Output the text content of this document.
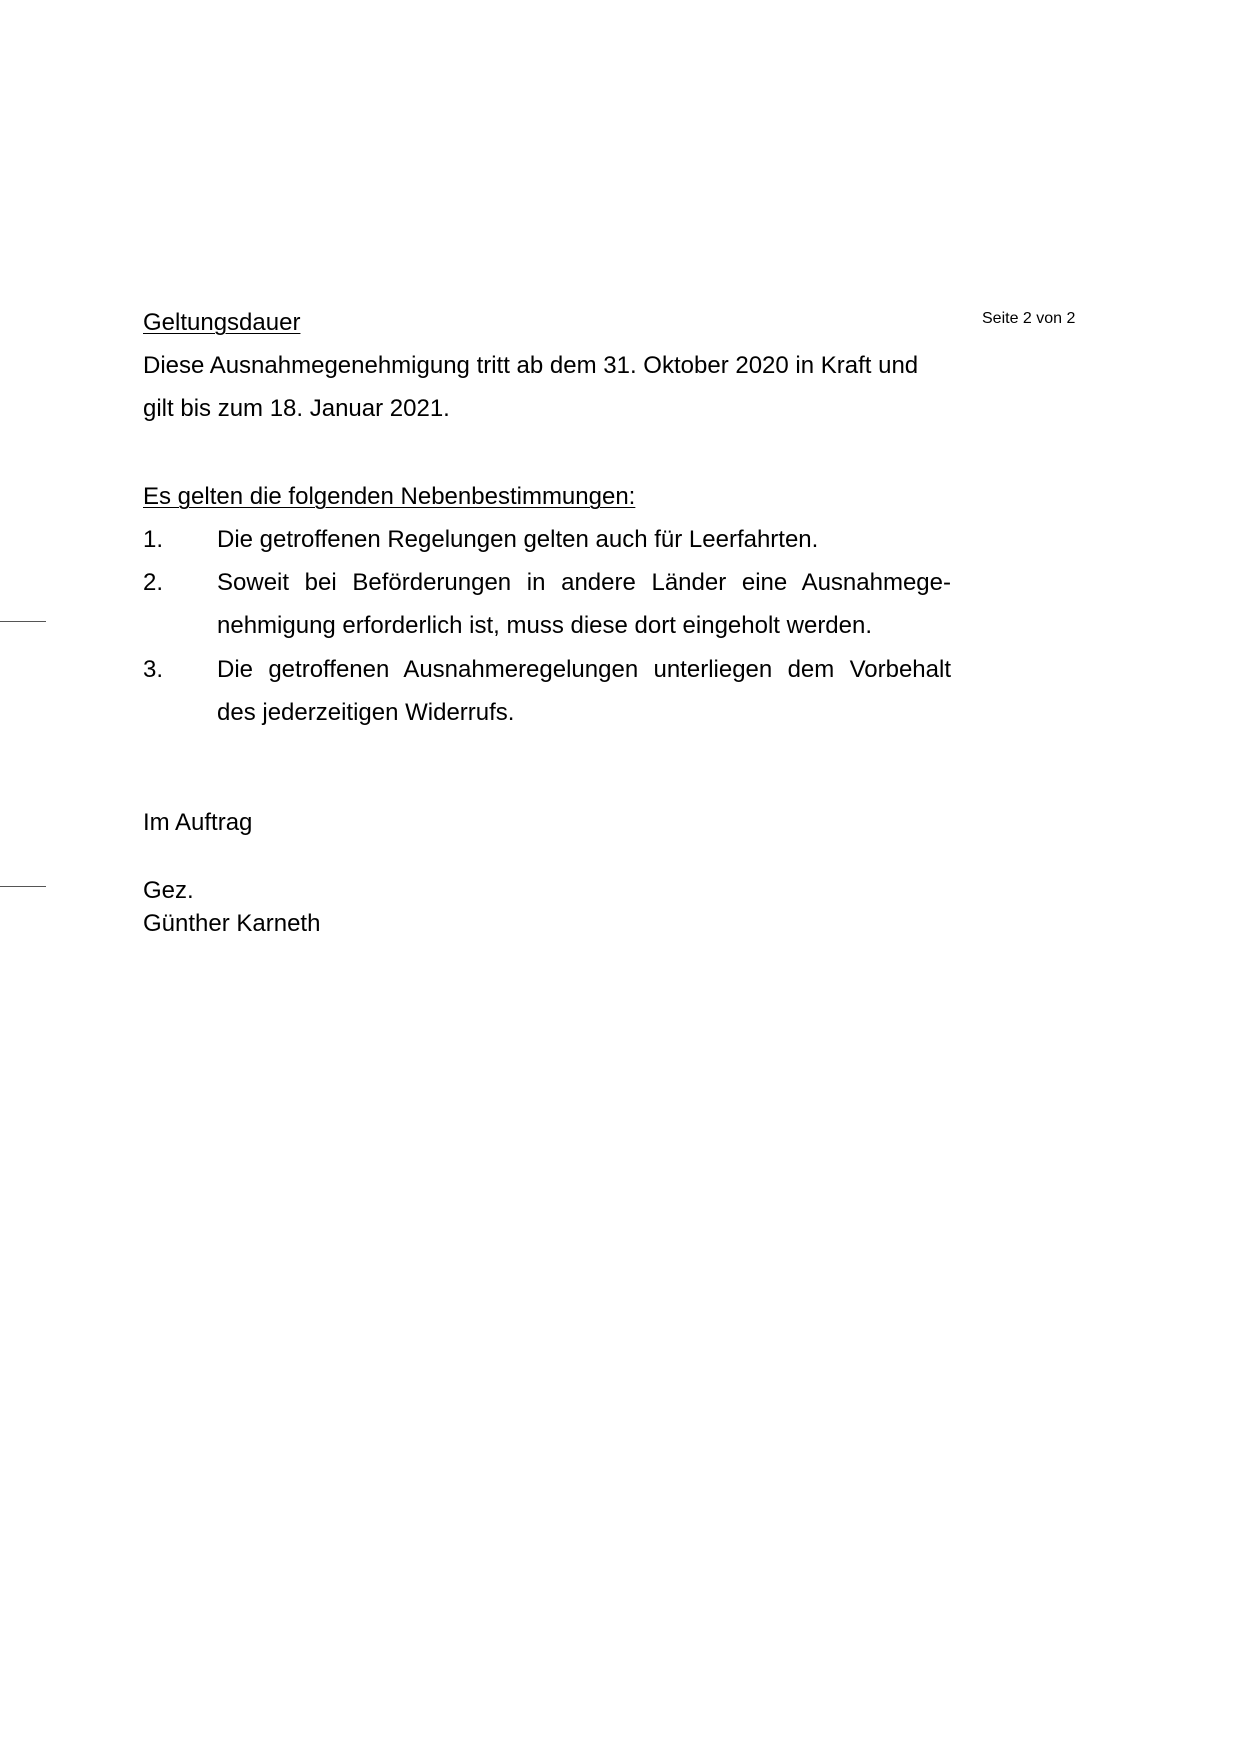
Seite 2 von 2
Geltungsdauer
Diese Ausnahmegenehmigung tritt ab dem 31. Oktober 2020 in Kraft und
gilt bis zum 18. Januar 2021.
Es gelten die folgenden Nebenbestimmungen:
1. Die getroffenen Regelungen gelten auch für Leerfahrten.
2. Soweit bei Beförderungen in andere Länder eine Ausnahmege-
nehmigung erforderlich ist, muss diese dort eingeholt werden.
3. Die getroffenen Ausnahmeregelungen unterliegen dem Vorbehalt
des jederzeitigen Widerrufs.
Im Auftrag
Gez.
Günther Karneth
